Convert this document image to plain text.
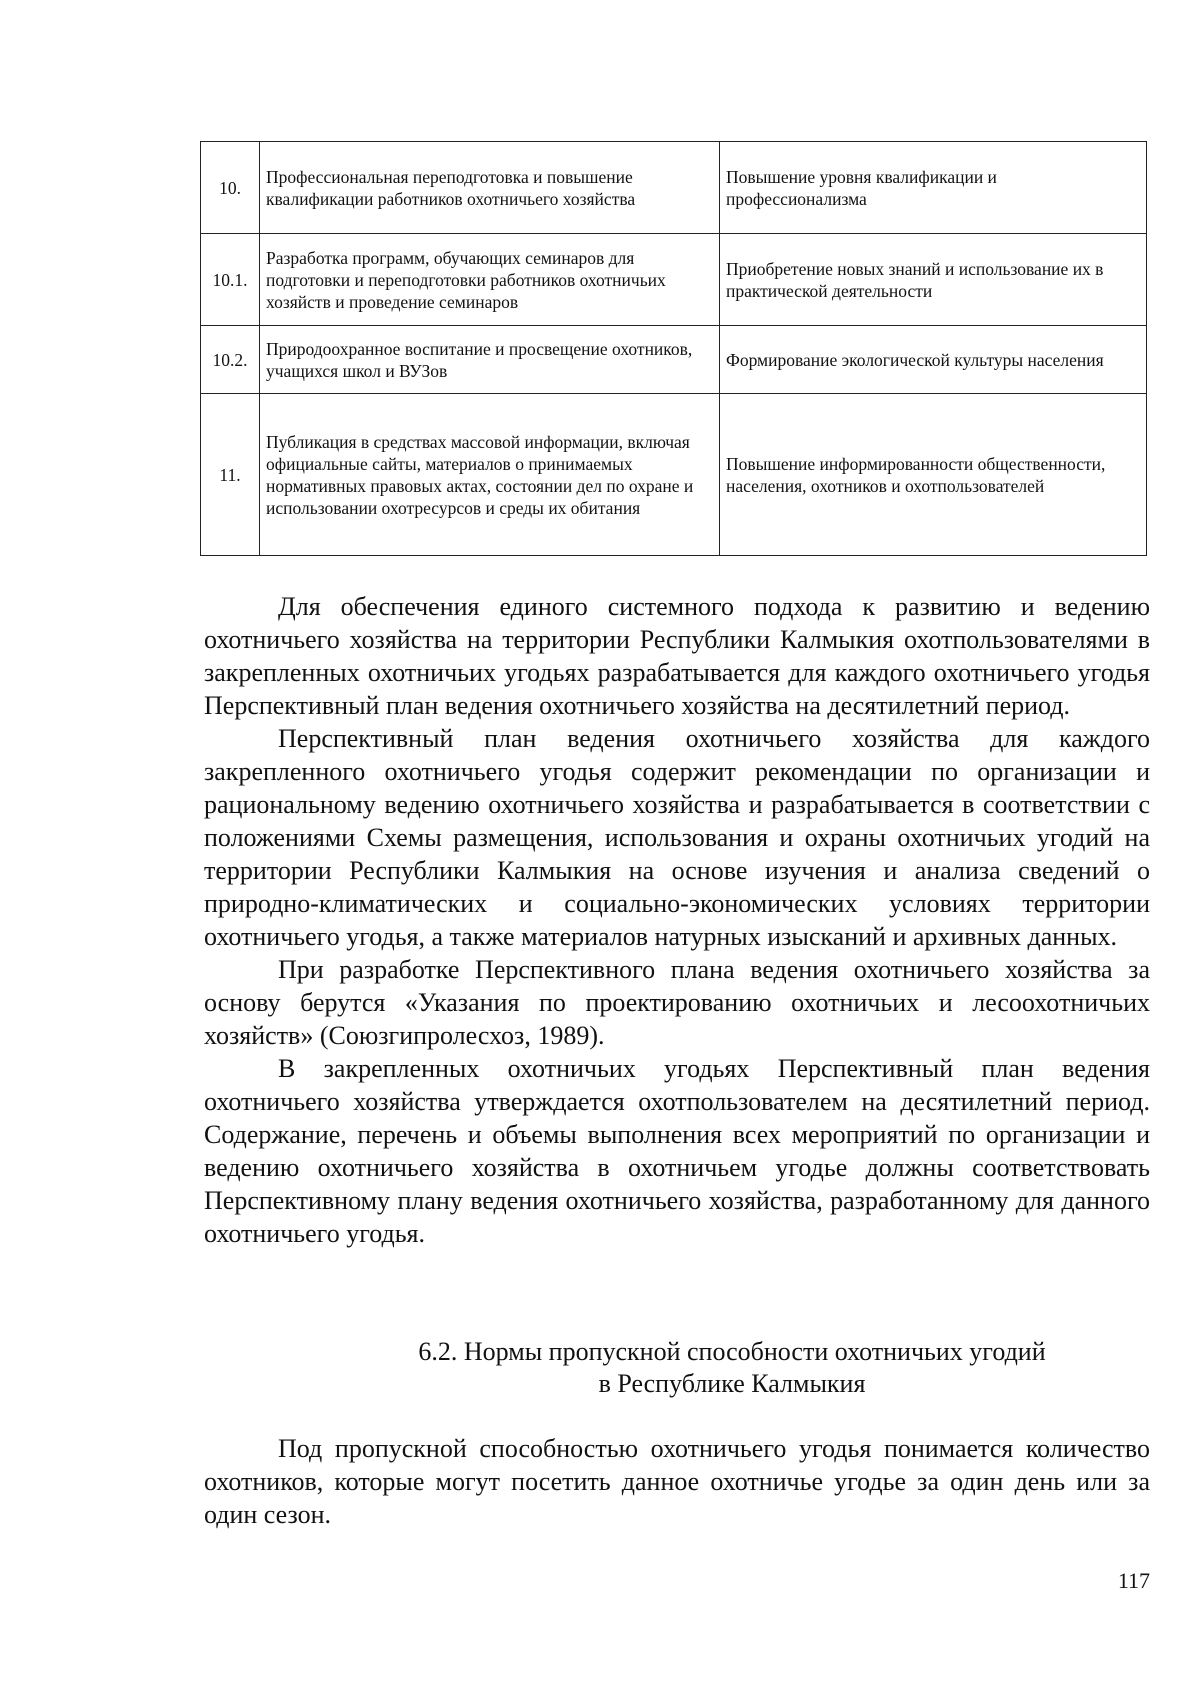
10.	Профессиональная переподготовка и повышение квалификации работников охотничьего хозяйства	Повышение уровня квалификации и профессионализма
10.1.	Разработка программ, обучающих семинаров для подготовки и переподготовки работников охотничьих хозяйств и проведение семинаров	Приобретение новых знаний и использование их в практической деятельности
10.2.	Природоохранное воспитание и просвещение охотников, учащихся школ и ВУЗов	Формирование экологической культуры населения
11.	Публикация в средствах массовой информации, включая официальные сайты, материалов о принимаемых нормативных правовых актах, состоянии дел по охране и использовании охотресурсов и среды их обитания	Повышение информированности общественности, населения, охотников и охотпользователей

Для обеспечения единого системного подхода к развитию и ведению охотничьего хозяйства на территории Республики Калмыкия охотпользователями в закрепленных охотничьих угодьях разрабатывается для каждого охотничьего угодья Перспективный план ведения охотничьего хозяйства на десятилетний период.

Перспективный план ведения охотничьего хозяйства для каждого закрепленного охотничьего угодья содержит рекомендации по организации и рациональному ведению охотничьего хозяйства и разрабатывается в соответствии с положениями Схемы размещения, использования и охраны охотничьих угодий на территории Республики Калмыкия на основе изучения и анализа сведений о природно-климатических и социально-экономических условиях территории охотничьего угодья, а также материалов натурных изысканий и архивных данных.

При разработке Перспективного плана ведения охотничьего хозяйства за основу берутся «Указания по проектированию охотничьих и лесоохотничьих хозяйств» (Союзгипролесхоз, 1989).

В закрепленных охотничьих угодьях Перспективный план ведения охотничьего хозяйства утверждается охотпользователем на десятилетний период. Содержание, перечень и объемы выполнения всех мероприятий по организации и ведению охотничьего хозяйства в охотничьем угодье должны соответствовать Перспективному плану ведения охотничьего хозяйства, разработанному для данного охотничьего угодья.

6.2. Нормы пропускной способности охотничьих угодий
в Республике Калмыкия

Под пропускной способностью охотничьего угодья понимается количество охотников, которые могут посетить данное охотничье угодье за один день или за один сезон.

117
